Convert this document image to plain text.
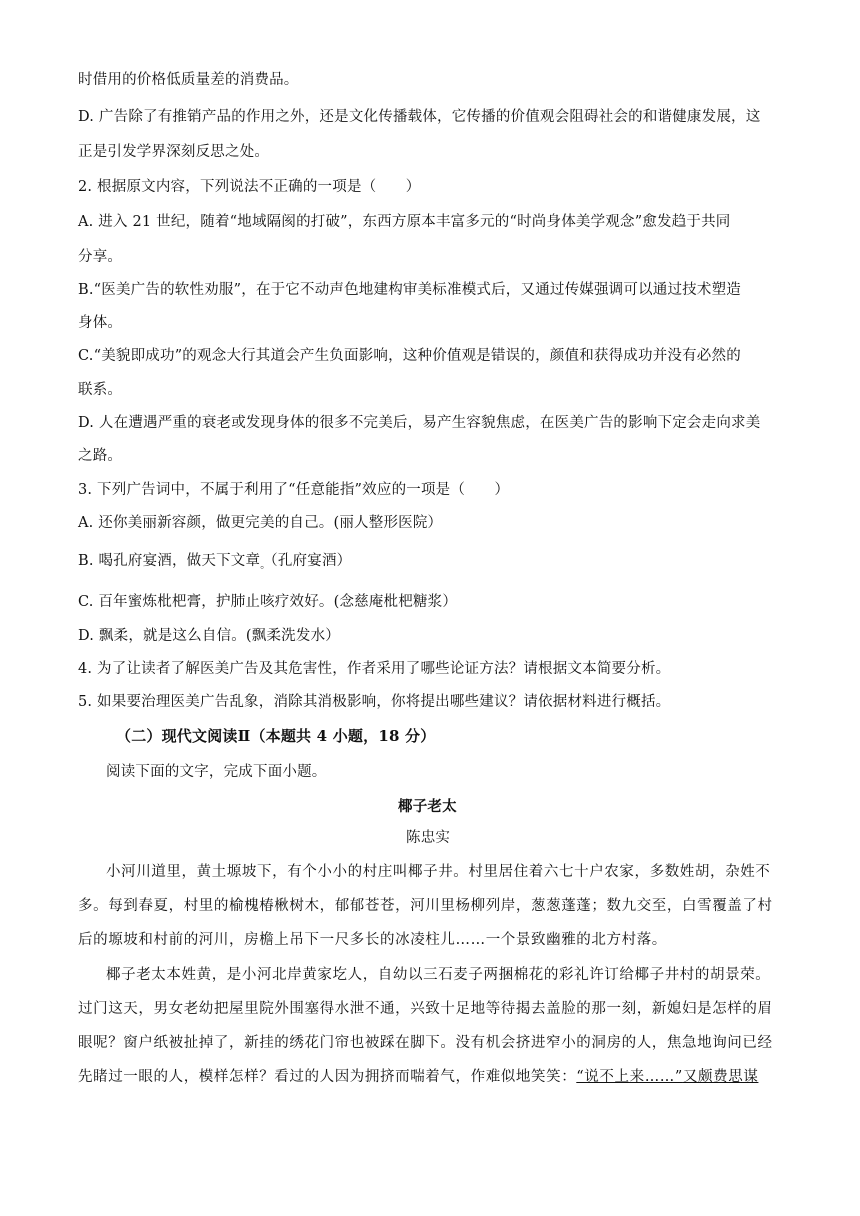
时借用的价格低质量差的消费品。
D. 广告除了有推销产品的作用之外，还是文化传播载体，它传播的价值观会阻碍社会的和谐健康发展，这
正是引发学界深刻反思之处。
2. 根据原文内容，下列说法不正确的一项是（　　）
A. 进入 21 世纪，随着“地域隔阂的打破”，东西方原本丰富多元的“时尚身体美学观念”愈发趋于共同
分享。
B.“医美广告的软性劝服”，在于它不动声色地建构审美标准模式后，又通过传媒强调可以通过技术塑造
身体。
C.“美貌即成功”的观念大行其道会产生负面影响，这种价值观是错误的，颜值和获得成功并没有必然的
联系。
D. 人在遭遇严重的衰老或发现身体的很多不完美后，易产生容貌焦虑，在医美广告的影响下定会走向求美
之路。
3. 下列广告词中，不属于利用了“任意能指”效应的一项是（　　）
A. 还你美丽新容颜，做更完美的自己。(丽人整形医院）
B. 喝孔府宴酒，做天下文章$_。$（孔府宴酒）
C. 百年蜜炼枇杷膏，护肺止咳疗效好。(念慈庵枇杷糖浆）
D. 飘柔，就是这么自信。(飘柔洗发水）
4. 为了让读者了解医美广告及其危害性，作者采用了哪些论证方法？请根据文本简要分析。
5. 如果要治理医美广告乱象，消除其消极影响，你将提出哪些建议？请依据材料进行概括。
（二）现代文阅读Ⅱ（本题共 4 小题，18 分）
阅读下面的文字，完成下面小题。
椰子老太
陈忠实
小河川道里，黄土塬坡下，有个小小的村庄叫椰子井。村里居住着六七十户农家，多数姓胡，杂姓不
多。每到春夏，村里的榆槐椿楸树木，郁郁苍苍，河川里杨柳列岸，葱葱蓬蓬；数九交至，白雪覆盖了村
后的塬坡和村前的河川，房檐上吊下一尺多长的冰凌柱儿……一个景致幽雅的北方村落。
椰子老太本姓黄，是小河北岸黄家圪人，自幼以三石麦子两捆棉花的彩礼许订给椰子井村的胡景荣。
过门这天，男女老幼把屋里院外围塞得水泄不通，兴致十足地等待揭去盖脸的那一刻，新媳妇是怎样的眉
眼呢？窗户纸被扯掉了，新挂的绣花门帘也被踩在脚下。没有机会挤进窄小的洞房的人，焦急地询问已经
先睹过一眼的人，模样怎样？看过的人因为拥挤而喘着气，作难似地笑笑：“说不上来……”又颇费思谋
